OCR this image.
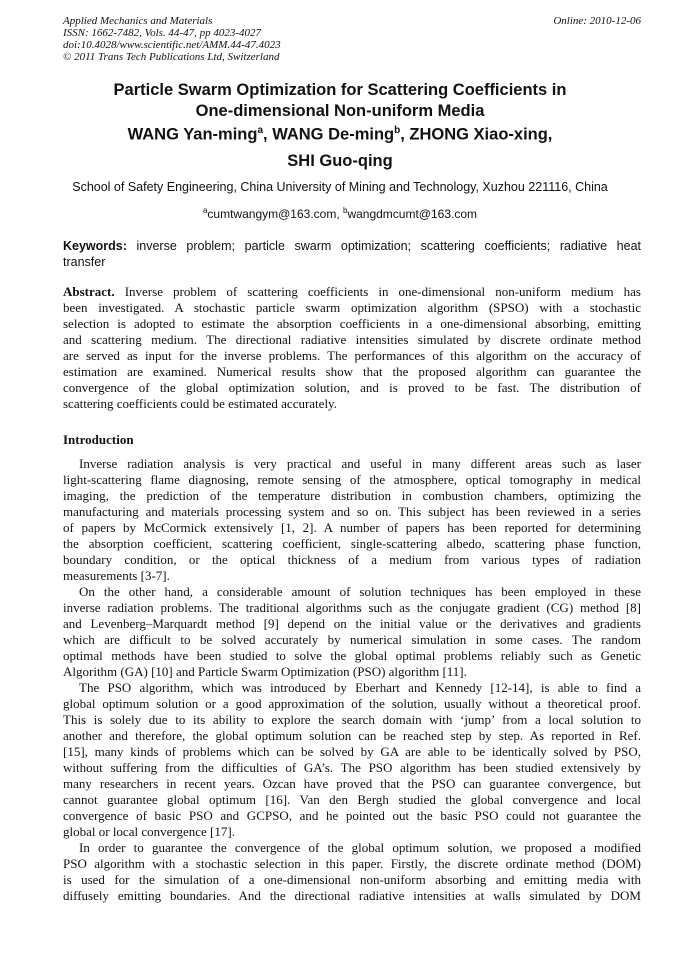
Applied Mechanics and Materials
ISSN: 1662-7482, Vols. 44-47, pp 4023-4027
doi:10.4028/www.scientific.net/AMM.44-47.4023
© 2011 Trans Tech Publications Ltd, Switzerland
Online: 2010-12-06
Particle Swarm Optimization for Scattering Coefficients in
One-dimensional Non-uniform Media
WANG Yan-ming$^a$, WANG De-ming$^b$, ZHONG Xiao-xing,
SHI Guo-qing
School of Safety Engineering, China University of Mining and Technology, Xuzhou 221116, China
$^a$cumtwangym@163.com, $^b$wangdmcumt@163.com
Keywords: inverse problem; particle swarm optimization; scattering coefficients; radiative heat
transfer
Abstract. Inverse problem of scattering coefficients in one-dimensional non-uniform medium has
been investigated. A stochastic particle swarm optimization algorithm (SPSO) with a stochastic
selection is adopted to estimate the absorption coefficients in a one-dimensional absorbing, emitting
and scattering medium. The directional radiative intensities simulated by discrete ordinate method
are served as input for the inverse problems. The performances of this algorithm on the accuracy of
estimation are examined. Numerical results show that the proposed algorithm can guarantee the
convergence of the global optimization solution, and is proved to be fast. The distribution of
scattering coefficients could be estimated accurately.
Introduction
Inverse radiation analysis is very practical and useful in many different areas such as laser
light-scattering flame diagnosing, remote sensing of the atmosphere, optical tomography in medical
imaging, the prediction of the temperature distribution in combustion chambers, optimizing the
manufacturing and materials processing system and so on. This subject has been reviewed in a series
of papers by McCormick extensively [1, 2]. A number of papers has been reported for determining
the absorption coefficient, scattering coefficient, single-scattering albedo, scattering phase function,
boundary condition, or the optical thickness of a medium from various types of radiation
measurements [3-7].
On the other hand, a considerable amount of solution techniques has been employed in these
inverse radiation problems. The traditional algorithms such as the conjugate gradient (CG) method [8]
and Levenberg–Marquardt method [9] depend on the initial value or the derivatives and gradients
which are difficult to be solved accurately by numerical simulation in some cases. The random
optimal methods have been studied to solve the global optimal problems reliably such as Genetic
Algorithm (GA) [10] and Particle Swarm Optimization (PSO) algorithm [11].
The PSO algorithm, which was introduced by Eberhart and Kennedy [12-14], is able to find a
global optimum solution or a good approximation of the solution, usually without a theoretical proof.
This is solely due to its ability to explore the search domain with ‘jump’ from a local solution to
another and therefore, the global optimum solution can be reached step by step. As reported in Ref.
[15], many kinds of problems which can be solved by GA are able to be identically solved by PSO,
without suffering from the difficulties of GA’s. The PSO algorithm has been studied extensively by
many researchers in recent years. Ozcan have proved that the PSO can guarantee convergence, but
cannot guarantee global optimum [16]. Van den Bergh studied the global convergence and local
convergence of basic PSO and GCPSO, and he pointed out the basic PSO could not guarantee the
global or local convergence [17].
In order to guarantee the convergence of the global optimum solution, we proposed a modified
PSO algorithm with a stochastic selection in this paper. Firstly, the discrete ordinate method (DOM)
is used for the simulation of a one-dimensional non-uniform absorbing and emitting media with
diffusely emitting boundaries. And the directional radiative intensities at walls simulated by DOM
